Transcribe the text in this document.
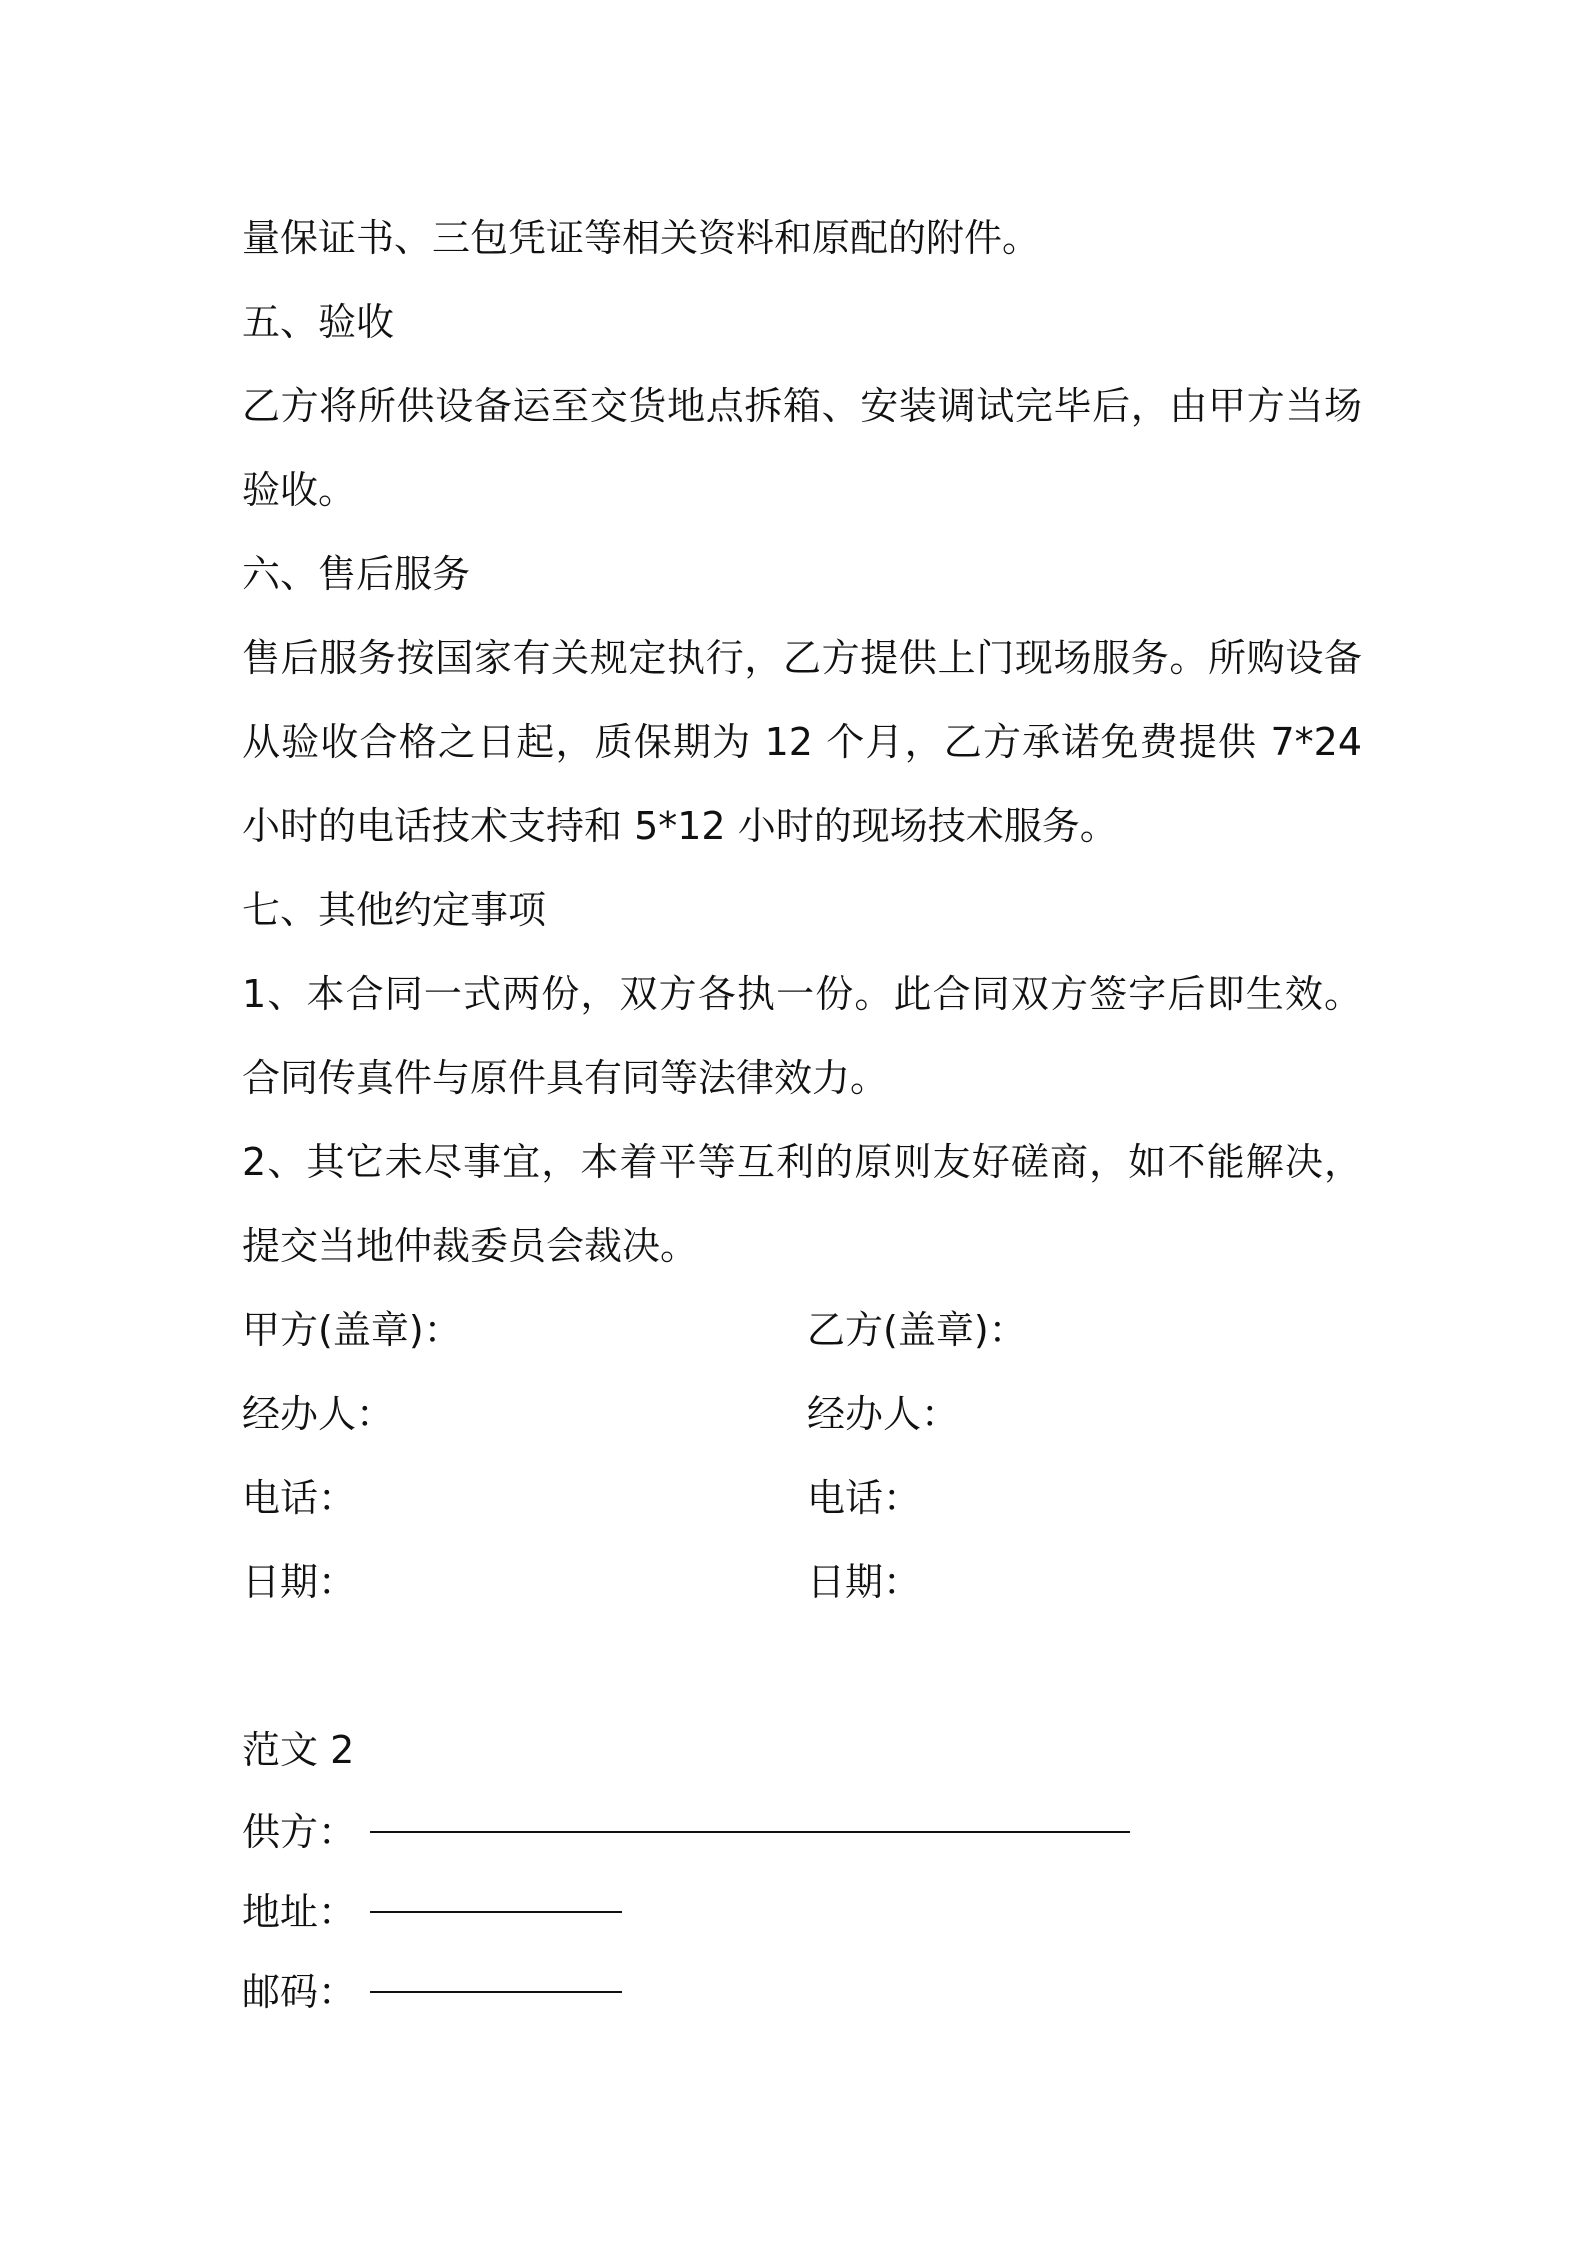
量保证书、三包凭证等相关资料和原配的附件。

五、验收

乙方将所供设备运至交货地点拆箱、安装调试完毕后，由甲方当场验收。

六、售后服务

售后服务按国家有关规定执行，乙方提供上门现场服务。所购设备从验收合格之日起，质保期为 12 个月，乙方承诺免费提供 7*24 小时的电话技术支持和 5*12 小时的现场技术服务。

七、其他约定事项

1、本合同一式两份，双方各执一份。此合同双方签字后即生效。合同传真件与原件具有同等法律效力。

2、其它未尽事宜，本着平等互利的原则友好磋商，如不能解决，提交当地仲裁委员会裁决。

甲方(盖章)：	乙方(盖章)：
经办人：	经办人：
电话：	电话：
日期：	日期：

范文 2

供方：
地址：
邮码：
